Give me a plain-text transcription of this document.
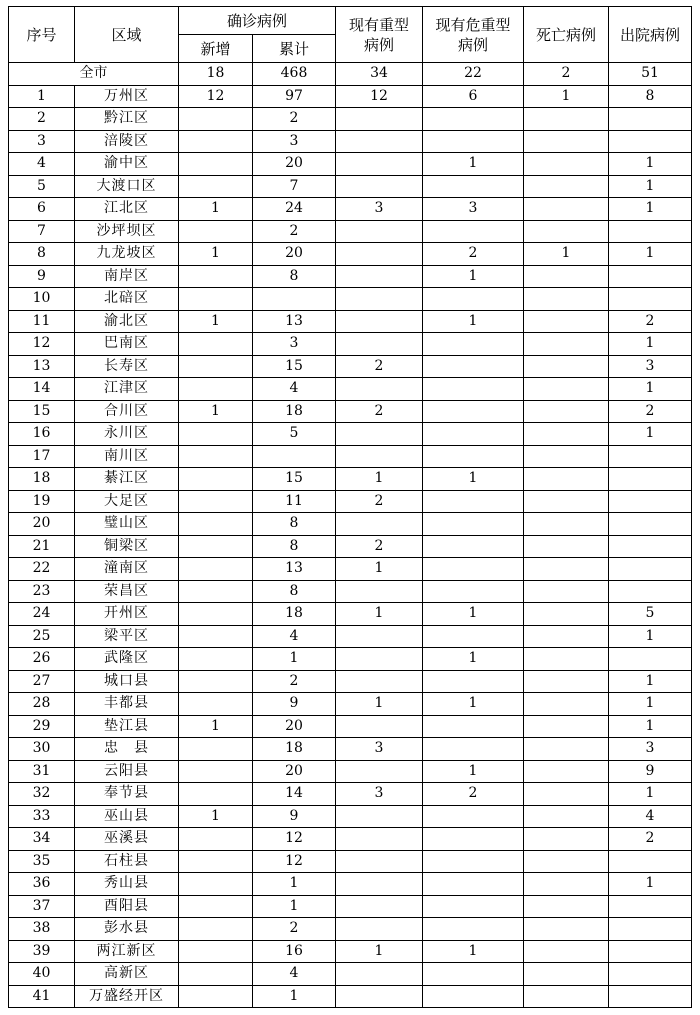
序号	区域	确诊病例		现有重型病例	现有危重型病例	死亡病例	出院病例
		新增	累计				
全市		18	468	34	22	2	51
1	万州区	12	97	12	6	1	8
2	黔江区		2				
3	涪陵区		3				
4	渝中区		20		1		1
5	大渡口区		7				1
6	江北区	1	24	3	3		1
7	沙坪坝区		2				
8	九龙坡区	1	20		2	1	1
9	南岸区		8		1		
10	北碚区						
11	渝北区	1	13		1		2
12	巴南区		3				1
13	长寿区		15	2			3
14	江津区		4				1
15	合川区	1	18	2			2
16	永川区		5				1
17	南川区						
18	綦江区		15	1	1		
19	大足区		11	2			
20	璧山区		8				
21	铜梁区		8	2			
22	潼南区		13	1			
23	荣昌区		8				
24	开州区		18	1	1		5
25	梁平区		4				1
26	武隆区		1		1		
27	城口县		2				1
28	丰都县		9	1	1		1
29	垫江县	1	20				1
30	忠　县		18	3			3
31	云阳县		20		1		9
32	奉节县		14	3	2		1
33	巫山县	1	9				4
34	巫溪县		12				2
35	石柱县		12				
36	秀山县		1				1
37	酉阳县		1				
38	彭水县		2				
39	两江新区		16	1	1		
40	高新区		4				
41	万盛经开区		1				
